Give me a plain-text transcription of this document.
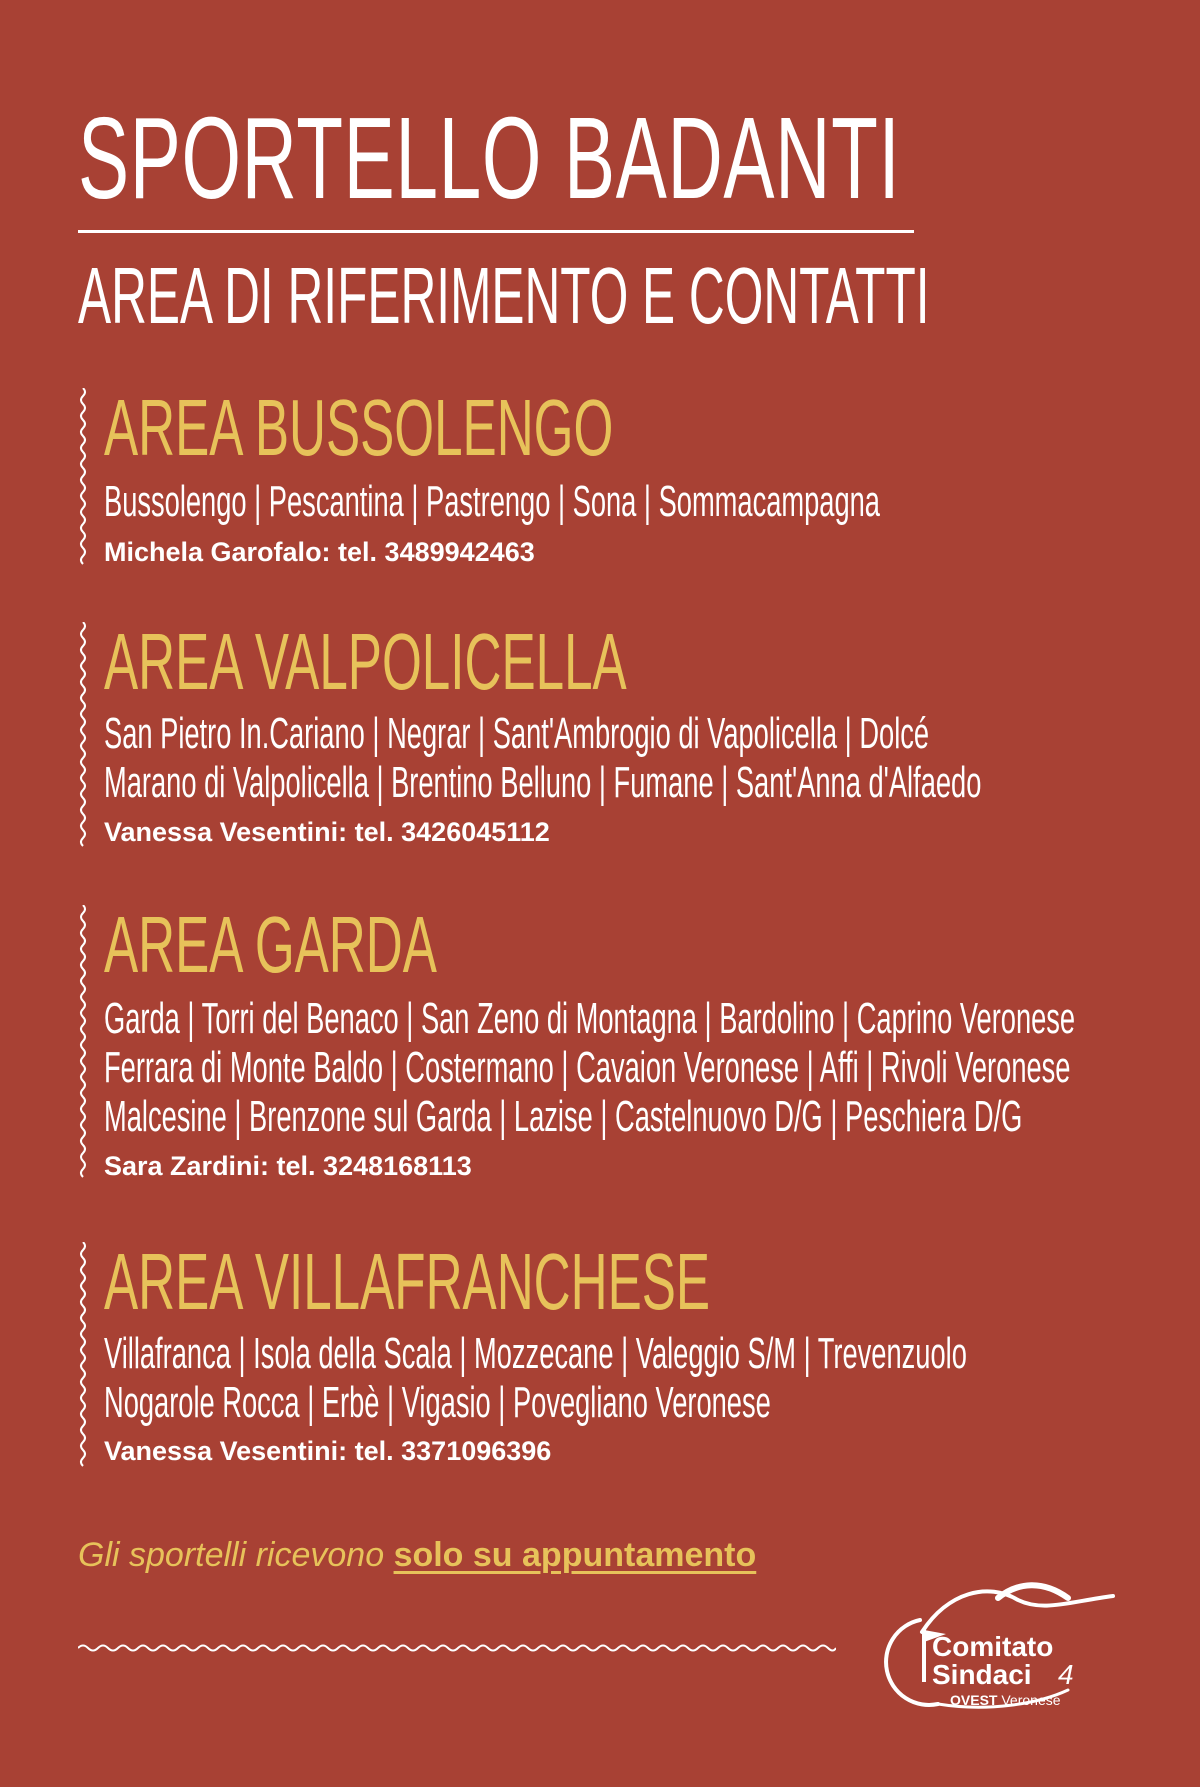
SPORTELLO BADANTI
AREA DI RIFERIMENTO E CONTATTI
AREA BUSSOLENGO
Bussolengo | Pescantina | Pastrengo | Sona | Sommacampagna
Michela Garofalo: tel. 3489942463
AREA VALPOLICELLA
San Pietro In.Cariano | Negrar | Sant'Ambrogio di Vapolicella | Dolcé
Marano di Valpolicella | Brentino Belluno | Fumane | Sant'Anna d'Alfaedo
Vanessa Vesentini: tel. 3426045112
AREA GARDA
Garda | Torri del Benaco | San Zeno di Montagna | Bardolino | Caprino Veronese
Ferrara di Monte Baldo | Costermano | Cavaion Veronese | Affi | Rivoli Veronese
Malcesine | Brenzone sul Garda | Lazise | Castelnuovo D/G | Peschiera D/G
Sara Zardini: tel. 3248168113
AREA VILLAFRANCHESE
Villafranca | Isola della Scala | Mozzecane | Valeggio S/M | Trevenzuolo
Nogarole Rocca | Erbè | Vigasio | Povegliano Veronese
Vanessa Vesentini: tel. 3371096396
Gli sportelli ricevono solo su appuntamento
Comitato
Sindaci 4
OVEST Veronese
